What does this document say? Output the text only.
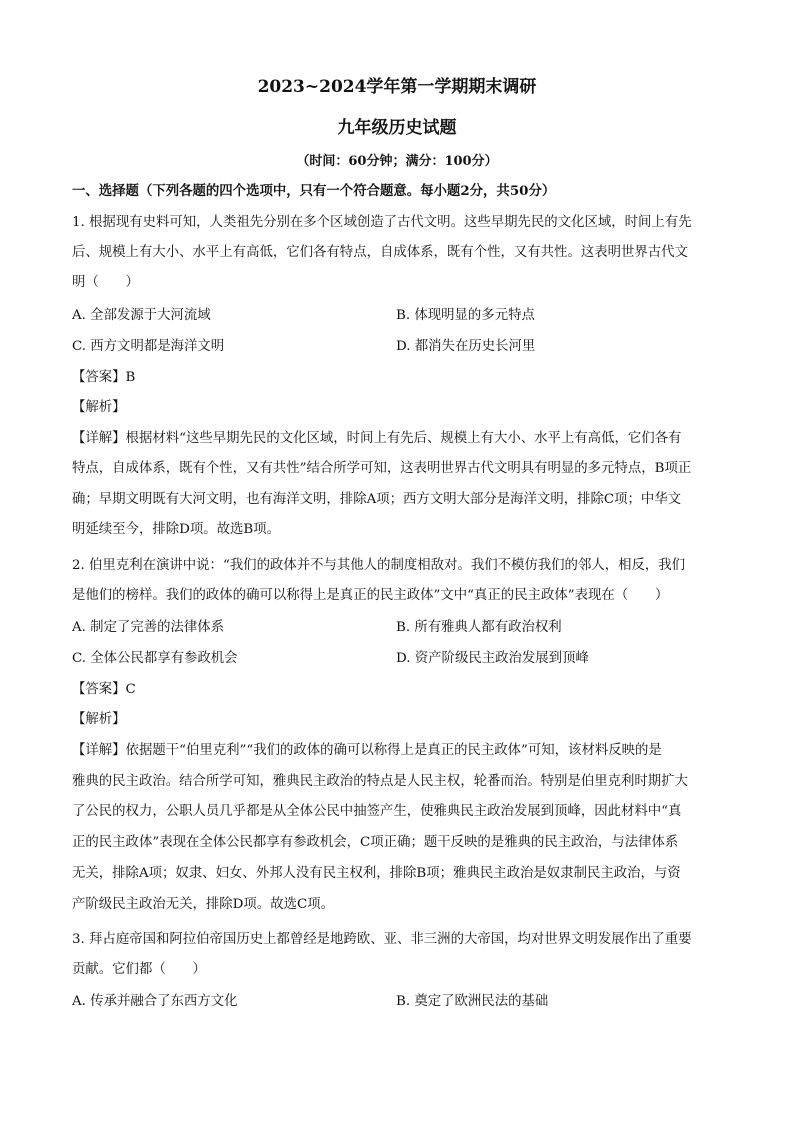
2023~2024学年第一学期期末调研
九年级历史试题
（时间：60分钟；满分：100分）
一、选择题（下列各题的四个选项中，只有一个符合题意。每小题2分，共50分）
1. 根据现有史料可知，人类祖先分别在多个区域创造了古代文明。这些早期先民的文化区域，时间上有先
后、规模上有大小、水平上有高低，它们各有特点，自成体系，既有个性，又有共性。这表明世界古代文
明（　　）
A. 全部发源于大河流域	B. 体现明显的多元特点
C. 西方文明都是海洋文明	D. 都消失在历史长河里
【答案】B
【解析】
【详解】根据材料“这些早期先民的文化区域，时间上有先后、规模上有大小、水平上有高低，它们各有
特点，自成体系，既有个性，又有共性”结合所学可知，这表明世界古代文明具有明显的多元特点，B项正
确；早期文明既有大河文明，也有海洋文明，排除A项；西方文明大部分是海洋文明，排除C项；中华文
明延续至今，排除D项。故选B项。
2. 伯里克利在演讲中说：“我们的政体并不与其他人的制度相敌对。我们不模仿我们的邻人，相反，我们
是他们的榜样。我们的政体的确可以称得上是真正的民主政体”文中“真正的民主政体”表现在（　　）
A. 制定了完善的法律体系	B. 所有雅典人都有政治权利
C. 全体公民都享有参政机会	D. 资产阶级民主政治发展到顶峰
【答案】C
【解析】
【详解】依据题干“伯里克利”“我们的政体的确可以称得上是真正的民主政体”可知，该材料反映的是
雅典的民主政治。结合所学可知，雅典民主政治的特点是人民主权，轮番而治。特别是伯里克利时期扩大
了公民的权力，公职人员几乎都是从全体公民中抽签产生，使雅典民主政治发展到顶峰，因此材料中“真
正的民主政体”表现在全体公民都享有参政机会，C项正确；题干反映的是雅典的民主政治，与法律体系
无关，排除A项；奴隶、妇女、外邦人没有民主权利，排除B项；雅典民主政治是奴隶制民主政治，与资
产阶级民主政治无关，排除D项。故选C项。
3. 拜占庭帝国和阿拉伯帝国历史上都曾经是地跨欧、亚、非三洲的大帝国，均对世界文明发展作出了重要
贡献。它们都（　　）
A. 传承并融合了东西方文化	B. 奠定了欧洲民法的基础
